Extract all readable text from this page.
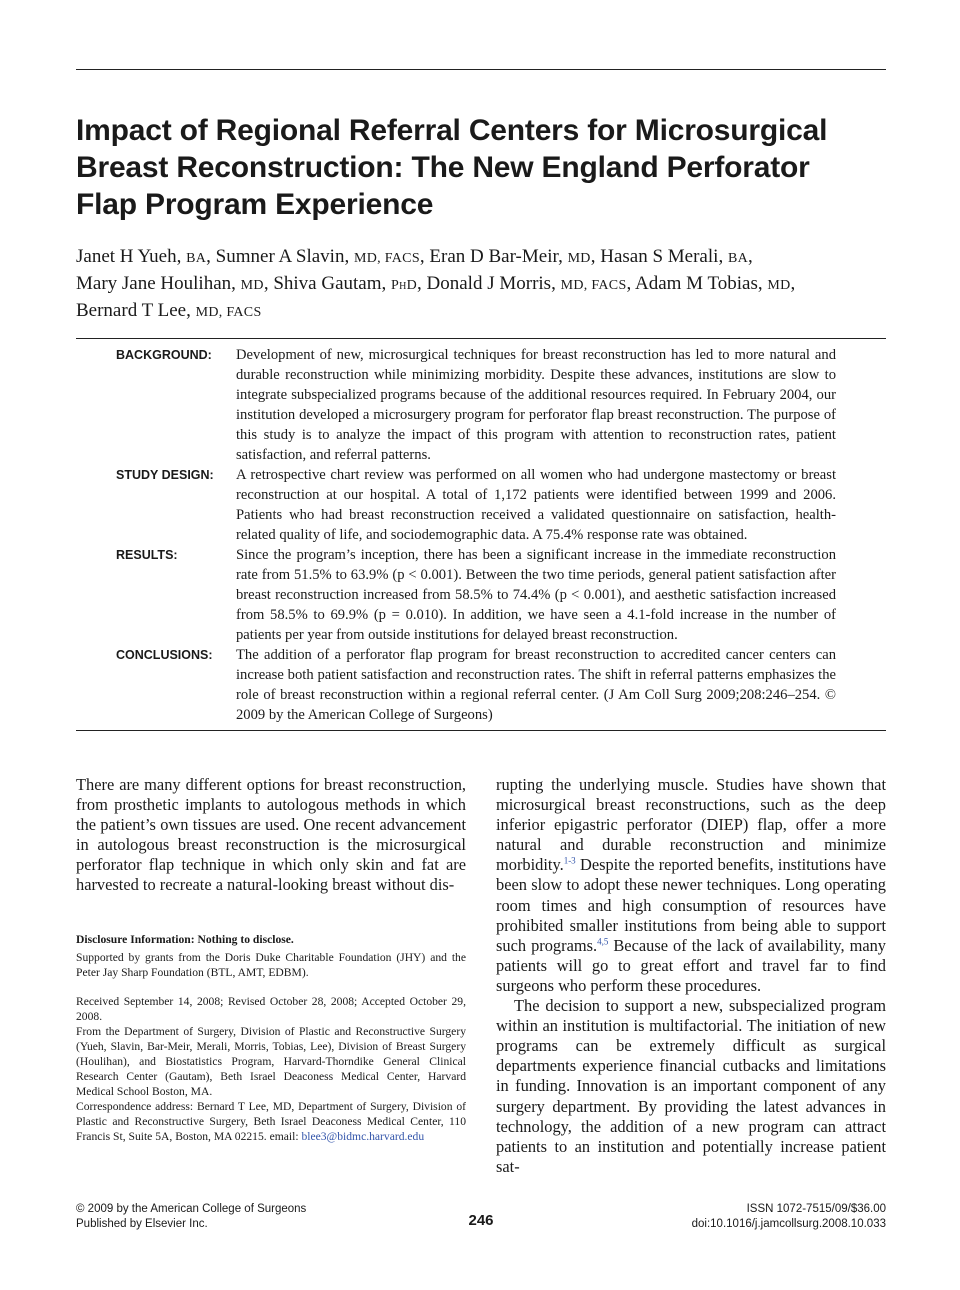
Impact of Regional Referral Centers for Microsurgical Breast Reconstruction: The New England Perforator Flap Program Experience
Janet H Yueh, BA, Sumner A Slavin, MD, FACS, Eran D Bar-Meir, MD, Hasan S Merali, BA,
Mary Jane Houlihan, MD, Shiva Gautam, PhD, Donald J Morris, MD, FACS, Adam M Tobias, MD,
Bernard T Lee, MD, FACS
BACKGROUND:	Development of new, microsurgical techniques for breast reconstruction has led to more natural and durable reconstruction while minimizing morbidity. Despite these advances, institutions are slow to integrate subspecialized programs because of the additional resources required. In February 2004, our institution developed a microsurgery program for perforator flap breast reconstruction. The purpose of this study is to analyze the impact of this program with attention to reconstruction rates, patient satisfaction, and referral patterns.
STUDY DESIGN:	A retrospective chart review was performed on all women who had undergone mastectomy or breast reconstruction at our hospital. A total of 1,172 patients were identified between 1999 and 2006. Patients who had breast reconstruction received a validated questionnaire on satisfaction, health-related quality of life, and sociodemographic data. A 75.4% response rate was obtained.
RESULTS:	Since the program’s inception, there has been a significant increase in the immediate reconstruction rate from 51.5% to 63.9% (p < 0.001). Between the two time periods, general patient satisfaction after breast reconstruction increased from 58.5% to 74.4% (p < 0.001), and aesthetic satisfaction increased from 58.5% to 69.9% (p = 0.010). In addition, we have seen a 4.1-fold increase in the number of patients per year from outside institutions for delayed breast reconstruction.
CONCLUSIONS:	The addition of a perforator flap program for breast reconstruction to accredited cancer centers can increase both patient satisfaction and reconstruction rates. The shift in referral patterns emphasizes the role of breast reconstruction within a regional referral center. (J Am Coll Surg 2009;208:246–254. © 2009 by the American College of Surgeons)

There are many different options for breast reconstruction, from prosthetic implants to autologous methods in which the patient’s own tissues are used. One recent advancement in autologous breast reconstruction is the microsurgical perforator flap technique in which only skin and fat are harvested to recreate a natural-looking breast without dis-

Disclosure Information: Nothing to disclose.

Supported by grants from the Doris Duke Charitable Foundation (JHY) and the Peter Jay Sharp Foundation (BTL, AMT, EDBM).

Received September 14, 2008; Revised October 28, 2008; Accepted October 29, 2008.

From the Department of Surgery, Division of Plastic and Reconstructive Surgery (Yueh, Slavin, Bar-Meir, Merali, Morris, Tobias, Lee), Division of Breast Surgery (Houlihan), and Biostatistics Program, Harvard-Thorndike General Clinical Research Center (Gautam), Beth Israel Deaconess Medical Center, Harvard Medical School Boston, MA.

Correspondence address: Bernard T Lee, MD, Department of Surgery, Division of Plastic and Reconstructive Surgery, Beth Israel Deaconess Medical Center, 110 Francis St, Suite 5A, Boston, MA 02215. email: blee3@bidmc.harvard.edu

rupting the underlying muscle. Studies have shown that microsurgical breast reconstructions, such as the deep inferior epigastric perforator (DIEP) flap, offer a more natural and durable reconstruction and minimize morbidity.$^{1-3}$ Despite the reported benefits, institutions have been slow to adopt these newer techniques. Long operating room times and high consumption of resources have prohibited smaller institutions from being able to support such programs.$^{4,5}$ Because of the lack of availability, many patients will go to great effort and travel far to find surgeons who perform these procedures.

The decision to support a new, subspecialized program within an institution is multifactorial. The initiation of new programs can be extremely difficult as surgical departments experience financial cutbacks and limitations in funding. Innovation is an important component of any surgery department. By providing the latest advances in technology, the addition of a new program can attract patients to an institution and potentially increase patient sat-

© 2009 by the American College of Surgeons
Published by Elsevier Inc.	246
ISSN 1072-7515/09/$36.00
doi:10.1016/j.jamcollsurg.2008.10.033
